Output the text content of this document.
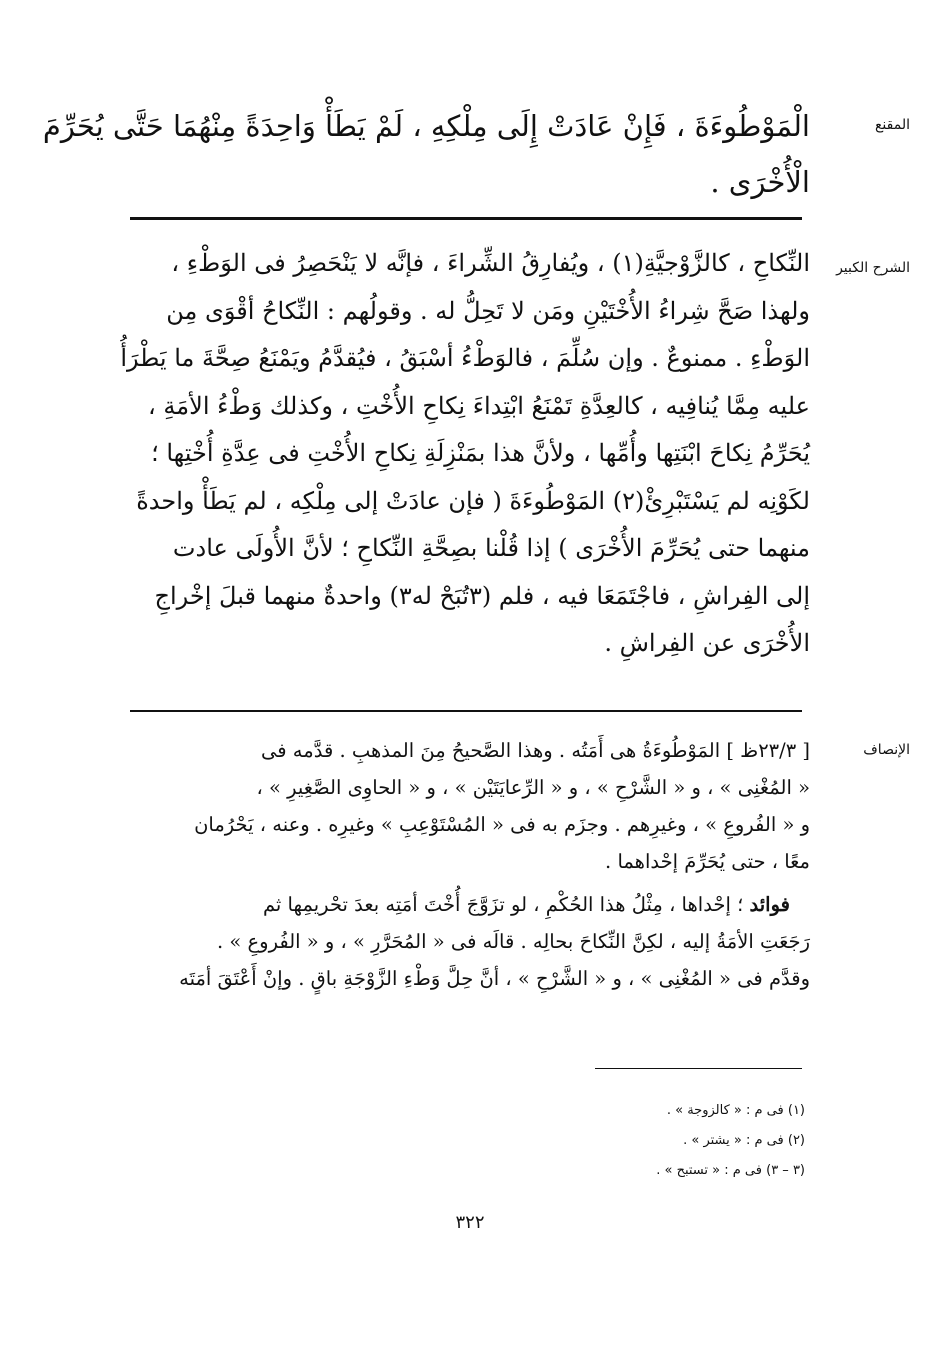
المقنع
الْمَوْطُوءَةَ ، فَإِنْ عَادَتْ إِلَى مِلْكِهِ ، لَمْ يَطَأْ وَاحِدَةً مِنْهُمَا حَتَّى يُحَرِّمَ
الْأُخْرَى .
الشرح الكبير
النِّكاحِ ، كالزَّوْجيَّةِ(١) ، ويُفارِقُ الشِّراءَ ، فإنَّه لا يَنْحَصِرُ فى الوَطْءِ ،
ولهذا صَحَّ شِراءُ الأُخْتَيْنِ ومَن لا تَحِلُّ له . وقولُهم : النِّكاحُ أقْوَى مِن
الوَطْءِ . ممنوعٌ . وإن سُلِّمَ ، فالوَطْءُ أسْبَقُ ، فيُقدَّمُ ويَمْنَعُ صِحَّةَ ما يَطْرَأُ
عليه مِمَّا يُنافِيه ، كالعِدَّةِ تَمْنَعُ ابْتِداءَ نِكاحِ الأُخْتِ ، وكذلك وَطْءُ الأمَةِ ،
يُحَرِّمُ نِكاحَ ابْنَتِها وأُمِّها ، ولأنَّ هذا بمَنْزِلَةِ نِكاحِ الأُخْتِ فى عِدَّةِ أُخْتِها ؛
لكَوْنِه لم يَسْتَبْرِئْ(٢) المَوْطُوءَةَ ( فإن عادَتْ إلى مِلْكِه ، لم يَطَأْ واحدةً
منهما حتى يُحَرِّمَ الأُخْرَى ) إذا قُلْنا بصِحَّةِ النِّكاحِ ؛ لأنَّ الأُولَى عادت
إلى الفِراشِ ، فاجْتَمَعَا فيه ، فلم (٣تُبَحْ له٣) واحدةٌ منهما قبلَ إخْراجِ
الأُخْرَى عن الفِراشِ .
الإنصاف
[ ٢٣/٣ظ ] المَوْطُوءَةُ هى أَمَتُه . وهذا الصَّحيحُ مِنَ المذهبِ . قدَّمه فى
« المُغْنِى » ، و « الشَّرْحِ » ، و « الرِّعايَتَيْن » ، و « الحاوِى الصَّغِيرِ » ،
و « الفُروعِ » ، وغيرِهم . وجزَم به فى « المُسْتَوْعِبِ » وغيرِه . وعنه ، يَحْرُمان
معًا ، حتى يُحَرِّمَ إحْداهما .
فوائد ؛ إحْداها ، مِثْلُ هذا الحُكْمِ ، لو تزَوَّجَ أُخْتَ أمَتِه بعدَ تحْريمِها ثم
رَجَعَتِ الأمَةُ إليه ، لكِنَّ النِّكاحَ بحالِه . قالَه فى « المُحَرَّرِ » ، و « الفُروعِ » .
وقدَّم فى « المُغْنِى » ، و « الشَّرْحِ » ، أنَّ حِلَّ وَطْءِ الزَّوْجَةِ باقٍ . وإنْ أَعْتَقَ أمَتَه
(١) فى م : « كالزوجة » .
(٢) فى م : « يشتر » .
(٣ – ٣) فى م : « تستبح » .
٣٢٢
